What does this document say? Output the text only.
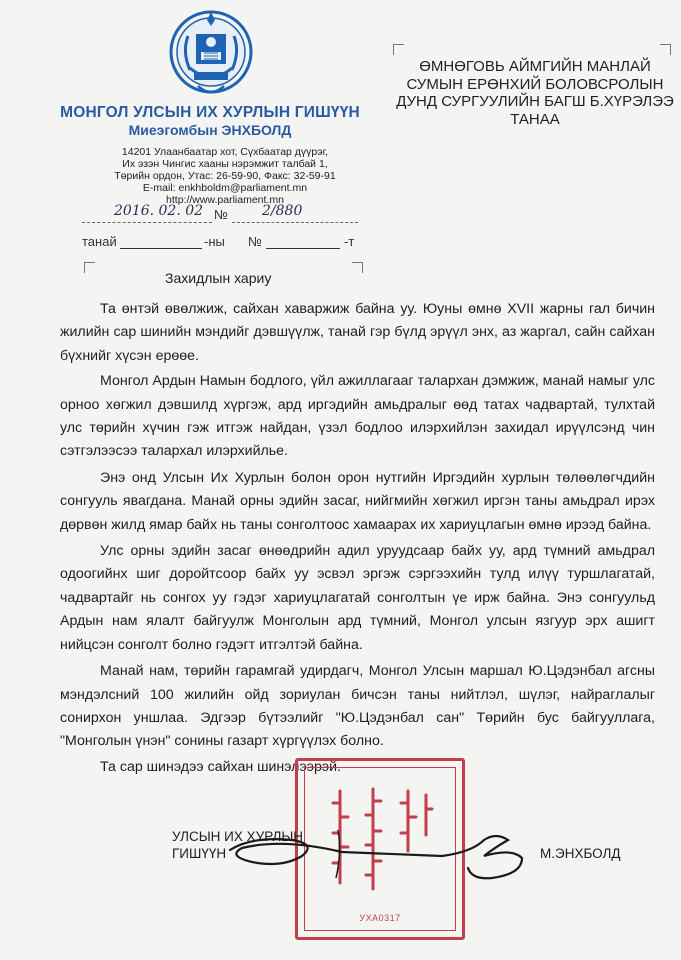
МОНГОЛ УЛСЫН ИХ ХУРЛЫН ГИШҮҮН
Миеэгомбын ЭНХБОЛД
14201 Улаанбаатар хот, Сүхбаатар дүүрэг,
Их эзэн Чингис хааны нэрэмжит талбай 1,
Төрийн ордон, Утас: 26-59-90, Факс: 32-59-91
E-mail: enkhboldm@parliament.mn
http://www.parliament.mn
ӨМНӨГОВЬ АЙМГИЙН МАНЛАЙ
СУМЫН ЕРӨНХИЙ БОЛОВСРОЛЫН
ДУНД СУРГУУЛИЙН БАГШ Б.ХҮРЭЛЭЭ
ТАНАА
2016. 02. 02 № 2/880
танай	-ны №	-т
Захидлын хариу

Та өнтэй өвөлжиж, сайхан хаваржиж байна уу. Юуны өмнө XVII жарны гал бичин жилийн сар шинийн мэндийг дэвшүүлж, танай гэр бүлд эрүүл энх, аз жаргал, сайн сайхан бүхнийг хүсэн ерөөе.

Монгол Ардын Намын бодлого, үйл ажиллагааг талархан дэмжиж, манай намыг улс орноо хөгжил дэвшилд хүргэж, ард иргэдийн амьдралыг өөд татах чадвартай, тулхтай улс төрийн хүчин гэж итгэж найдан, үзэл бодлоо илэрхийлэн захидал ирүүлсэнд чин сэтгэлээсээ талархал илэрхийлье.

Энэ онд Улсын Их Хурлын болон орон нутгийн Иргэдийн хурлын төлөөлөгчдийн сонгууль явагдана. Манай орны эдийн засаг, нийгмийн хөгжил иргэн таны амьдрал ирэх дөрвөн жилд ямар байх нь таны сонголтоос хамаарах их хариуцлагын өмнө ирээд байна.

Улс орны эдийн засаг өнөөдрийн адил уруудсаар байх уу, ард түмний амьдрал одоогийнх шиг доройтсоор байх уу эсвэл эргэж сэргээхийн тулд илүү туршлагатай, чадвартайг нь сонгох уу гэдэг хариуцлагатай сонголтын үе ирж байна. Энэ сонгуульд Ардын нам ялалт байгуулж Монголын ард түмний, Монгол улсын язгуур эрх ашигт нийцсэн сонголт болно гэдэгт итгэлтэй байна.

Манай нам, төрийн гарамгай удирдагч, Монгол Улсын маршал Ю.Цэдэнбал агсны мэндэлсний 100 жилийн ойд зориулан бичсэн таны нийтлэл, шүлэг, найраглалыг сонирхон уншлаа. Эдгээр бүтээлийг "Ю.Цэдэнбал сан" Төрийн бус байгууллага, "Монголын үнэн" сонины газарт хүргүүлэх болно.

Та сар шинэдээ сайхан шинэлээрэй.

УХА0317
УЛСЫН ИХ ХУРЛЫН
ГИШҮҮН	М.ЭНХБОЛД
